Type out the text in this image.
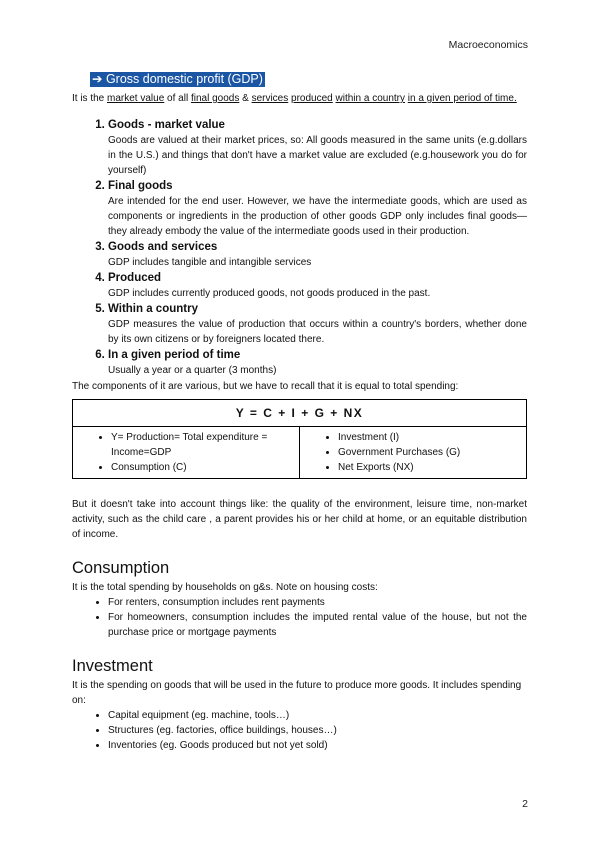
Macroeconomics
➔ Gross domestic profit (GDP)
It is the market value of all final goods & services produced within a country in a given period of time.
1. Goods - market value
Goods are valued at their market prices, so: All goods measured in the same units (e.g.dollars in the U.S.) and things that don't have a market value are excluded (e.g.housework you do for yourself)
2. Final goods
Are intended for the end user. However, we have the intermediate goods, which are used as components or ingredients in the production of other goods GDP only includes final goods—they already embody the value of the intermediate goods used in their production.
3. Goods and services
GDP includes tangible and intangible services
4. Produced
GDP includes currently produced goods, not goods produced in the past.
5. Within a country
GDP measures the value of production that occurs within a country's borders, whether done by its own citizens or by foreigners located there.
6. In a given period of time
Usually a year or a quarter (3 months)
The components of it are various, but we have to recall that it is equal to total spending:
Y = C + I + G + NX

• Y= Production= Total expenditure = Income=GDP
• Consumption (C)

• Investment (I)
• Government Purchases (G)
• Net Exports (NX)
But it doesn't take into account things like: the quality of the environment, leisure time, non-market activity, such as the child care , a parent provides his or her child at home, or an equitable distribution of income.
Consumption
It is the total spending by households on g&s. Note on housing costs:
• For renters, consumption includes rent payments
• For homeowners, consumption includes the imputed rental value of the house, but not the purchase price or mortgage payments
Investment
It is the spending on goods that will be used in the future to produce more goods. It includes spending on:
• Capital equipment (eg. machine, tools…)
• Structures (eg. factories, office buildings, houses…)
• Inventories (eg. Goods produced but not yet sold)
2
